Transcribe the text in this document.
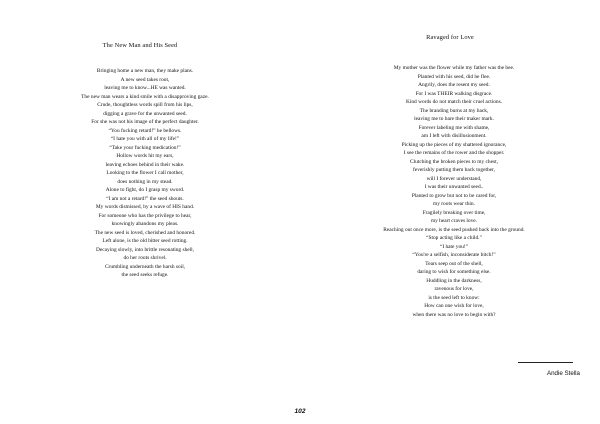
The New Man and His Seed
Bringing home a new man, they make plans.
A new seed takes root,
leaving me to know...HE was wanted.
The new man wears a kind smile with a disapproving gaze.
Crude, thoughtless words spill from his lips,
digging a grave for the unwanted seed.
For she was not his image of the perfect daughter.
“You fucking retard!” he bellows.
“I hate you with all of my life!”
“Take your fucking medication!”
Hollow words hit my ears,
leaving echoes behind in their wake.
Looking to the flower I call mother,
does nothing in my stead.
Alone to fight, do I grasp my sword.
“I am not a retard!” the seed shouts.
My words dismissed, by a wave of HIS hand.
For someone who has the privilege to hear,
knowingly abandons my pleas.
The new seed is loved, cherished and honored.
Left alone, is the old bitter seed rotting.
Decaying slowly, into brittle resonating shell,
do her roots shrivel.
Crumbling underneath the harsh soil,
the seed seeks refuge.
Ravaged for Love
My mother was the flower while my father was the bee.
Planted with his seed, did he flee.
Angrily, does the resent my seed.
For I was THEIR walking disgrace.
Kind words do not match their cruel actions.
The branding burns at my back,
leaving me to bare their maker mark.
Forever labeling me with shame,
am I left with disillusionment.
Picking up the pieces of my shattered ignorance,
I see the remains of the rower and the shopper.
Clutching the broken pieces to my chest,
feverishly putting them back together,
will I forever understand,
I was their unwanted seed..
Planted to grow but not to be cared for,
my roots wear thin.
Fragilely breaking over time,
my heart craves love.
Reaching out once more, is the seed pushed back into the ground.
“Stop acting like a child.”
“I hate you!”
“You're a selfish, inconsiderate bitch!”
Tears seep out of the shell,
daring to wish for something else.
Huddling in the darkness,
ravenous for love,
is the seed left to know:
How can one wish for love,
when there was no love to begin with?
Andie Stella
102
